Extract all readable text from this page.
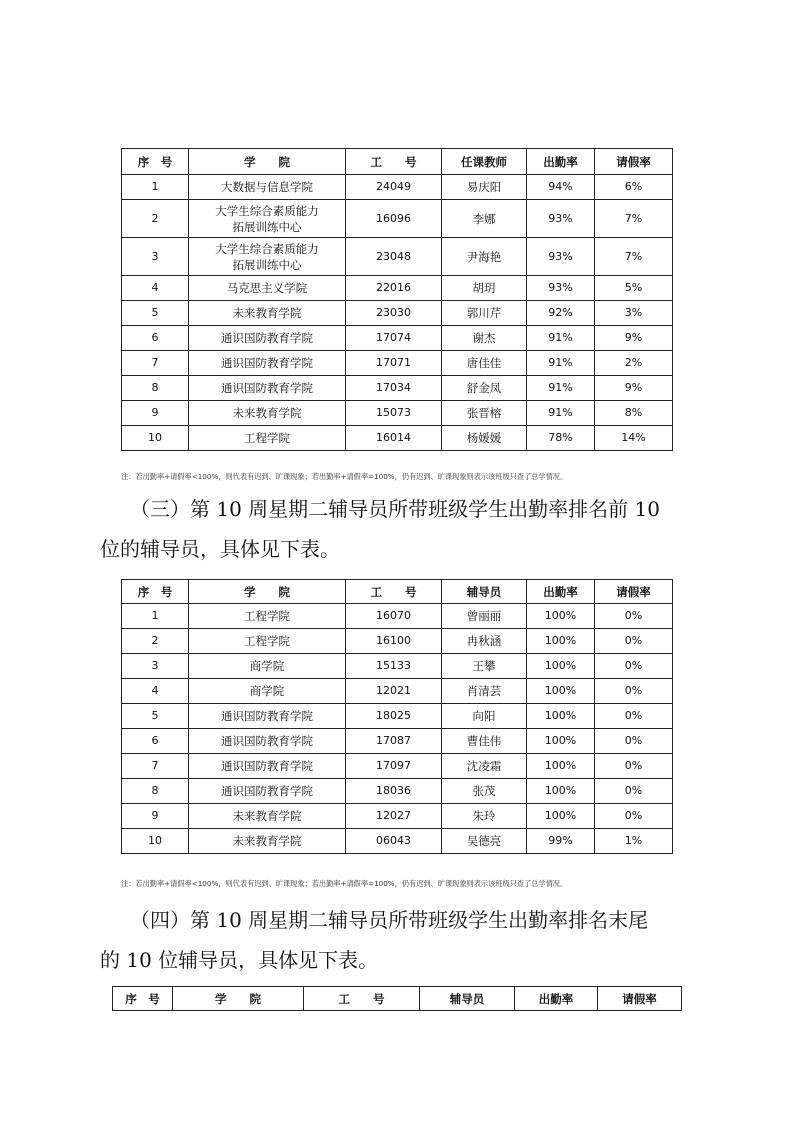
序　号	学　　院	工　　号	任课教师	出勤率	请假率
1	大数据与信息学院	24049	易庆阳	94%	6%
2	大学生综合素质能力
拓展训练中心	16096	李娜	93%	7%
3	大学生综合素质能力
拓展训练中心	23048	尹海艳	93%	7%
4	马克思主义学院	22016	胡玥	93%	5%
5	未来教育学院	23030	郭川芹	92%	3%
6	通识国防教育学院	17074	谢杰	91%	9%
7	通识国防教育学院	17071	唐佳佳	91%	2%
8	通识国防教育学院	17034	舒金凤	91%	9%
9	未来教育学院	15073	张晋榕	91%	8%
10	工程学院	16014	杨媛媛	78%	14%
注：若出勤率+请假率<100%，则代表有迟到、旷课现象；若出勤率+请假率=100%，仍有迟到、旷课现象则表示该班级只查了总学情况。
（三）第 10 周星期二辅导员所带班级学生出勤率排名前 10
位的辅导员，具体见下表。
序　号	学　　院	工　　号	辅导员	出勤率	请假率
1	工程学院	16070	曾丽丽	100%	0%
2	工程学院	16100	冉秋涵	100%	0%
3	商学院	15133	王攀	100%	0%
4	商学院	12021	肖清芸	100%	0%
5	通识国防教育学院	18025	向阳	100%	0%
6	通识国防教育学院	17087	曹佳伟	100%	0%
7	通识国防教育学院	17097	沈凌霜	100%	0%
8	通识国防教育学院	18036	张茂	100%	0%
9	未来教育学院	12027	朱玲	100%	0%
10	未来教育学院	06043	吴德亮	99%	1%
注：若出勤率+请假率<100%，则代表有迟到、旷课现象；若出勤率+请假率=100%，仍有迟到、旷课现象则表示该班级只查了总学情况。
（四）第 10 周星期二辅导员所带班级学生出勤率排名末尾
的 10 位辅导员，具体见下表。
序　号	学　　院	工　　号	辅导员	出勤率	请假率
